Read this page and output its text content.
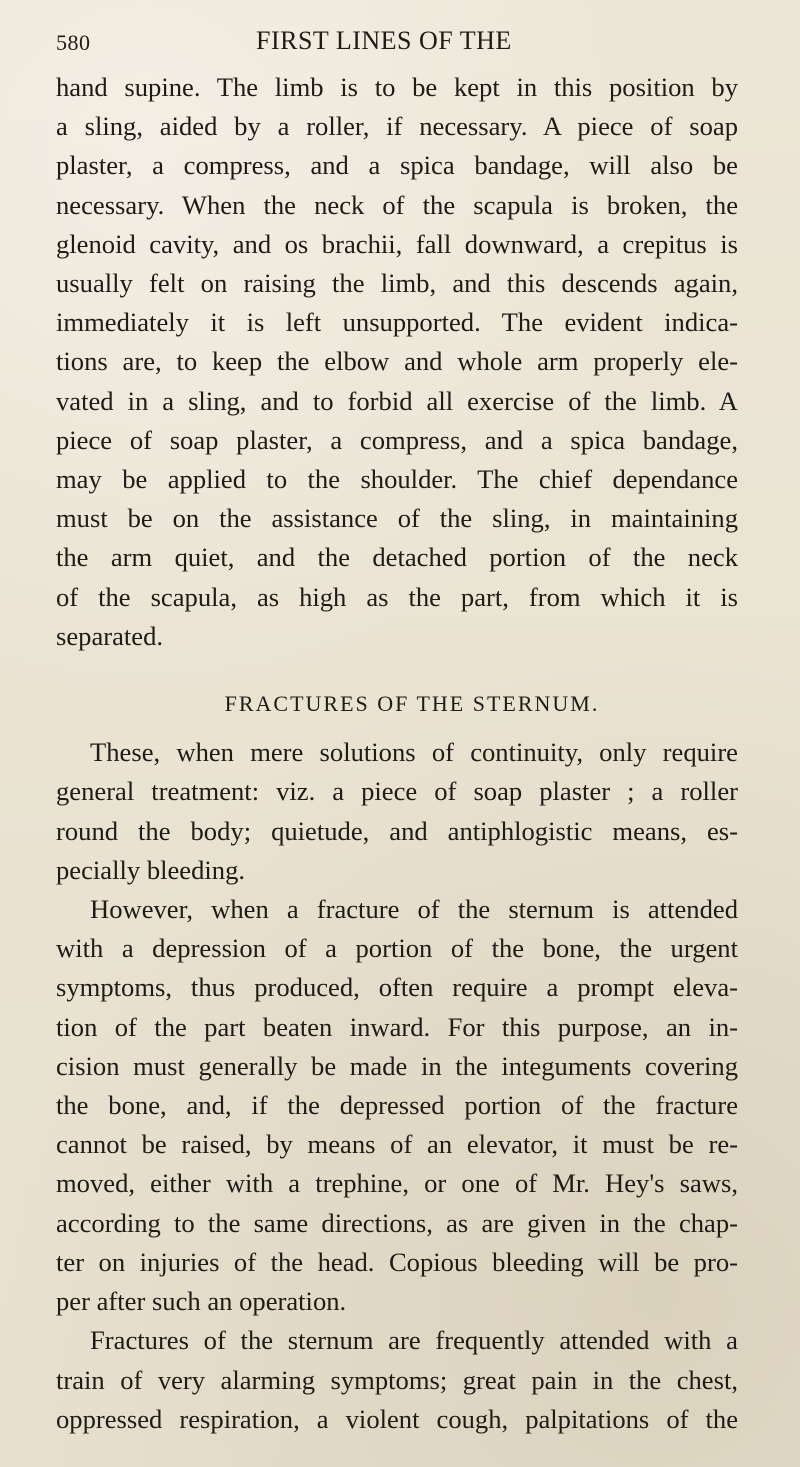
580	FIRST LINES OF THE

hand supine. The limb is to be kept in this position by
a sling, aided by a roller, if necessary. A piece of soap
plaster, a compress, and a spica bandage, will also be
necessary. When the neck of the scapula is broken, the
glenoid cavity, and os brachii, fall downward, a crepitus is
usually felt on raising the limb, and this descends again,
immediately it is left unsupported. The evident indica-
tions are, to keep the elbow and whole arm properly ele-
vated in a sling, and to forbid all exercise of the limb. A
piece of soap plaster, a compress, and a spica bandage,
may be applied to the shoulder. The chief dependance
must be on the assistance of the sling, in maintaining
the arm quiet, and the detached portion of the neck
of the scapula, as high as the part, from which it is
separated.

FRACTURES OF THE STERNUM.

These, when mere solutions of continuity, only require
general treatment: viz. a piece of soap plaster ; a roller
round the body; quietude, and antiphlogistic means, es-
pecially bleeding.

However, when a fracture of the sternum is attended
with a depression of a portion of the bone, the urgent
symptoms, thus produced, often require a prompt eleva-
tion of the part beaten inward. For this purpose, an in-
cision must generally be made in the integuments covering
the bone, and, if the depressed portion of the fracture
cannot be raised, by means of an elevator, it must be re-
moved, either with a trephine, or one of Mr. Hey's saws,
according to the same directions, as are given in the chap-
ter on injuries of the head. Copious bleeding will be pro-
per after such an operation.

Fractures of the sternum are frequently attended with a
train of very alarming symptoms; great pain in the chest,
oppressed respiration, a violent cough, palpitations of the
